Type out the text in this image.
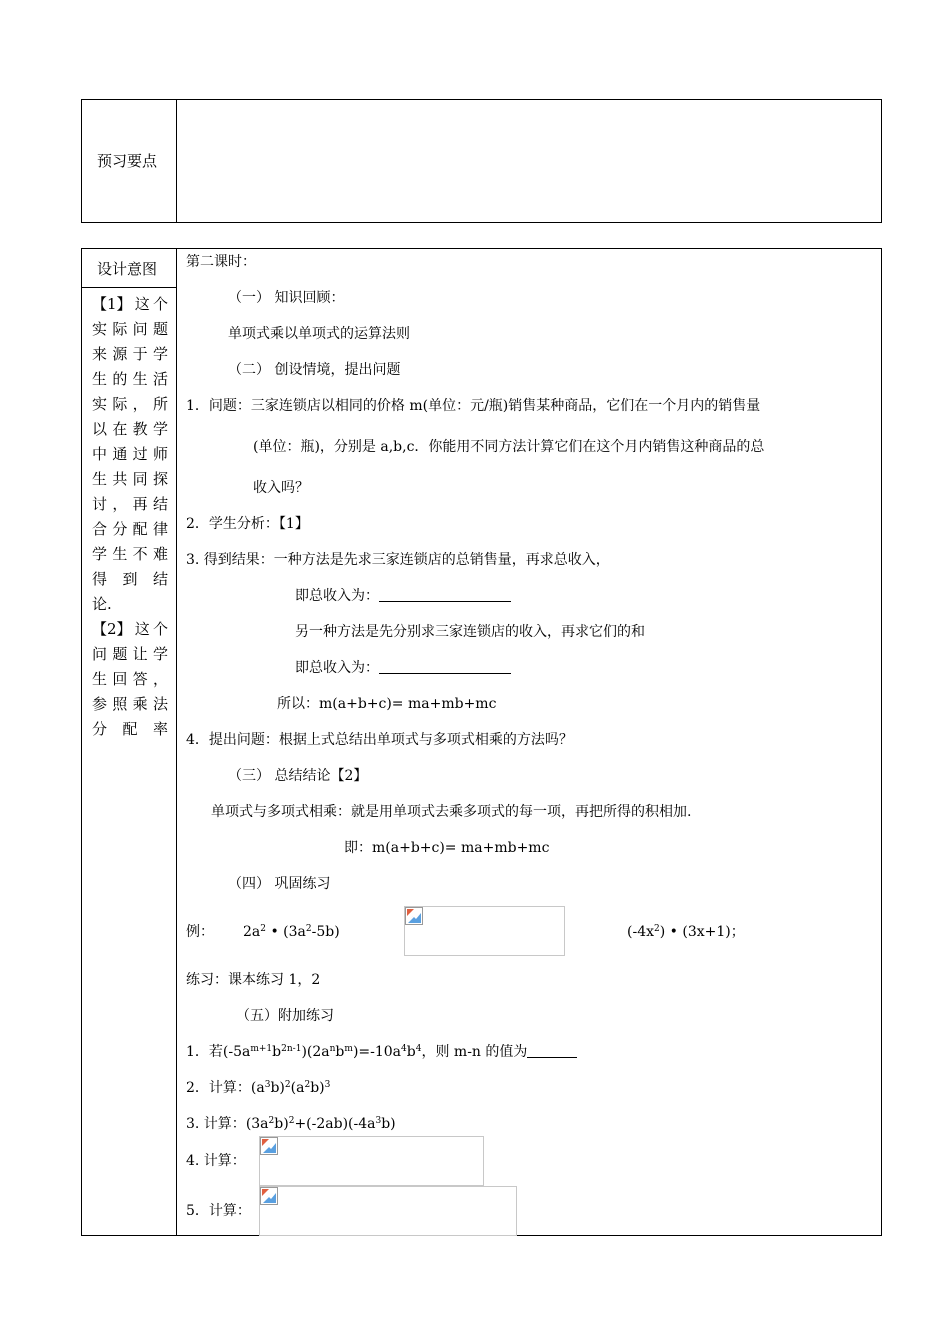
预习要点
设计意图
【1】 这 个
实 际 问 题
来 源 于 学
生 的 生 活
实 际 ， 所
以 在 教 学
中 通 过 师
生 共 同 探
讨 ， 再 结
合 分 配 律
学 生 不 难
得 到 结
论 .
【2】 这 个
问 题 让 学
生 回 答 ，
参 照 乘 法
分 配 率
第二课时：
（一） 知识回顾：
单项式乘以单项式的运算法则
（二） 创设情境，提出问题
1．问题：三家连锁店以相同的价格 m(单位：元/瓶)销售某种商品，它们在一个月内的销售量
(单位：瓶)，分别是 a,b,c．你能用不同方法计算它们在这个月内销售这种商品的总
收入吗？
2．学生分析：【1】
3. 得到结果：一种方法是先求三家连锁店的总销售量，再求总收入，
即总收入为：
另一种方法是先分别求三家连锁店的收入，再求它们的和
即总收入为：
所以：m(a+b+c)= ma+mb+mc
4．提出问题：根据上式总结出单项式与多项式相乘的方法吗？
（三） 总结结论【2】
单项式与多项式相乘：就是用单项式去乘多项式的每一项，再把所得的积相加.
即：m(a+b+c)= ma+mb+mc
（四） 巩固练习
例： $2a^2$ • $(3a^2-5b)$	$(-4x^2)$ • (3x+1)；
练习：课本练习 1，2
（五）附加练习
1．若$(-5a^{m+1}b^{2n-1})(2a^nb^m)=-10a^4b^4$，则 m-n 的值为
2．计算：$(a^3b)^2(a^2b)^3$
3. 计算：$(3a^2b)^2+(-2ab)(-4a^3b)$
4. 计算：
5．计算：
